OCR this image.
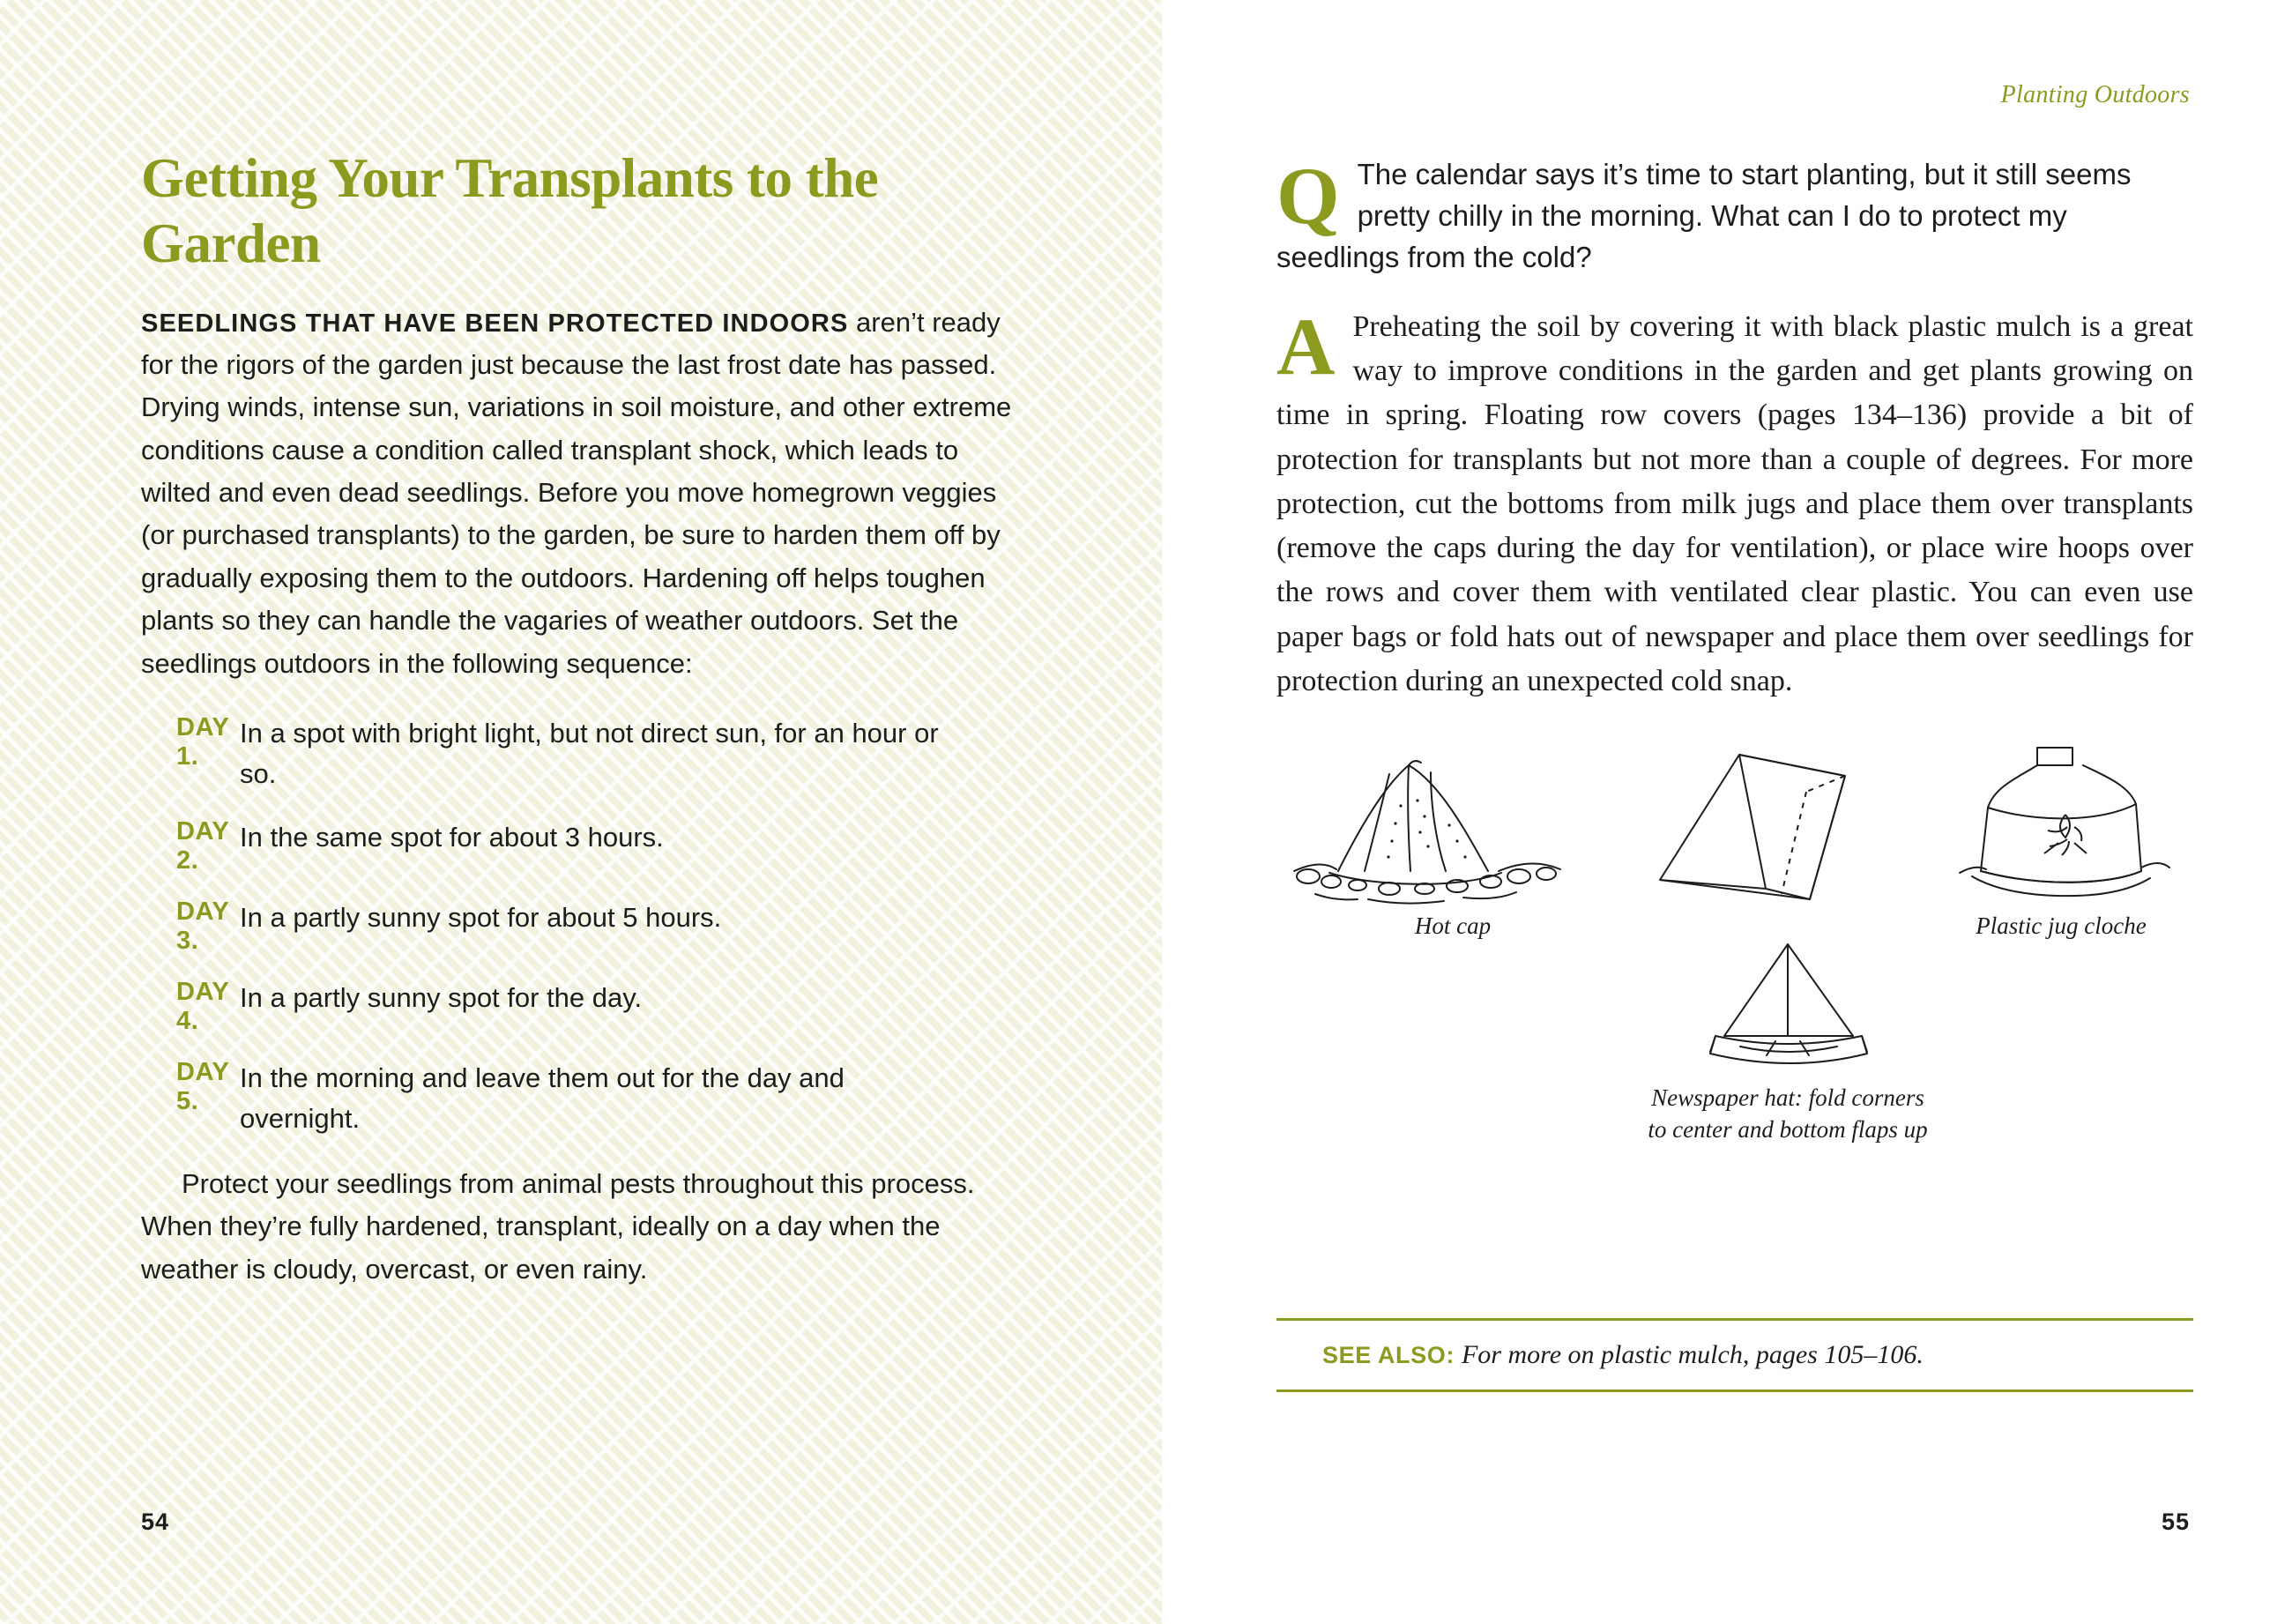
Getting Your Transplants to the Garden

SEEDLINGS THAT HAVE BEEN PROTECTED INDOORS aren’t ready for the rigors of the garden just because the last frost date has passed. Drying winds, intense sun, variations in soil moisture, and other extreme conditions cause a condition called transplant shock, which leads to wilted and even dead seedlings. Before you move homegrown veggies (or purchased transplants) to the garden, be sure to harden them off by gradually exposing them to the outdoors. Hardening off helps toughen plants so they can handle the vagaries of weather outdoors. Set the seedlings outdoors in the following sequence:

DAY 1.
In a spot with bright light, but not direct sun, for an hour or so.
DAY 2.
In the same spot for about 3 hours.
DAY 3.
In a partly sunny spot for about 5 hours.
DAY 4.
In a partly sunny spot for the day.
DAY 5.
In the morning and leave them out for the day and overnight.

Protect your seedlings from animal pests throughout this process. When they’re fully hardened, transplant, ideally on a day when the weather is cloudy, overcast, or even rainy.

54
Planting Outdoors
Q The calendar says it’s time to start planting, but it still seems pretty chilly in the morning. What can I do to protect my seedlings from the cold?

A Preheating the soil by covering it with black plastic mulch is a great way to improve conditions in the garden and get plants growing on time in spring. Floating row covers (pages 134–136) provide a bit of protection for transplants but not more than a couple of degrees. For more protection, cut the bottoms from milk jugs and place them over transplants (remove the caps during the day for ventilation), or place wire hoops over the rows and cover them with ventilated clear plastic. You can even use paper bags or fold hats out of newspaper and place them over seedlings for protection during an unexpected cold snap.

Hot cap	Plastic jug cloche
Newspaper hat: fold corners
to center and bottom flaps up
SEE ALSO: For more on plastic mulch, pages 105–106.
55
